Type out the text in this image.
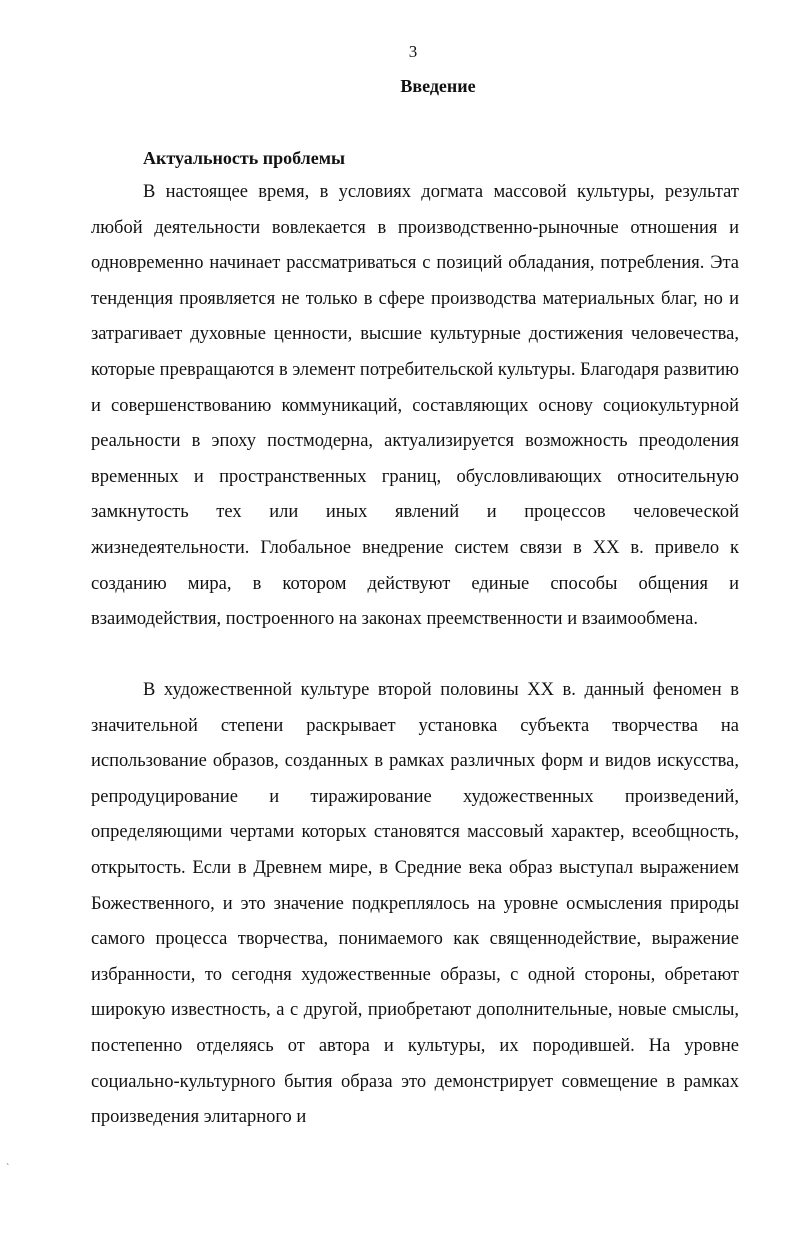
3
Введение
Актуальность проблемы

В настоящее время, в условиях догмата массовой культуры, результат любой деятельности вовлекается в производственно-рыночные отношения и одновременно начинает рассматриваться с позиций обладания, потребления. Эта тенденция проявляется не только в сфере производства материальных благ, но и затрагивает духовные ценности, высшие культурные достижения человечества, которые превращаются в элемент потребительской культуры. Благодаря развитию и совершенствованию коммуникаций, составляющих основу социокультурной реальности в эпоху постмодерна, актуализируется возможность преодоления временных и пространственных границ, обусловливающих относительную замкнутость тех или иных явлений и процессов человеческой жизнедеятельности. Глобальное внедрение систем связи в XX в. привело к созданию мира, в котором действуют единые способы общения и взаимодействия, построенного на законах преемственности и взаимообмена.

В художественной культуре второй половины XX в. данный феномен в значительной степени раскрывает установка субъекта творчества на использование образов, созданных в рамках различных форм и видов искусства, репродуцирование и тиражирование художественных произведений, определяющими чертами которых становятся массовый характер, всеобщность, открытость. Если в Древнем мире, в Средние века образ выступал выражением Божественного, и это значение подкреплялось на уровне осмысления природы самого процесса творчества, понимаемого как священнодействие, выражение избранности, то сегодня художественные образы, с одной стороны, обретают широкую известность, а с другой, приобретают дополнительные, новые смыслы, постепенно отделяясь от автора и культуры, их породившей. На уровне социально-культурного бытия образа это демонстрирует совмещение в рамках произведения элитарного и

`
